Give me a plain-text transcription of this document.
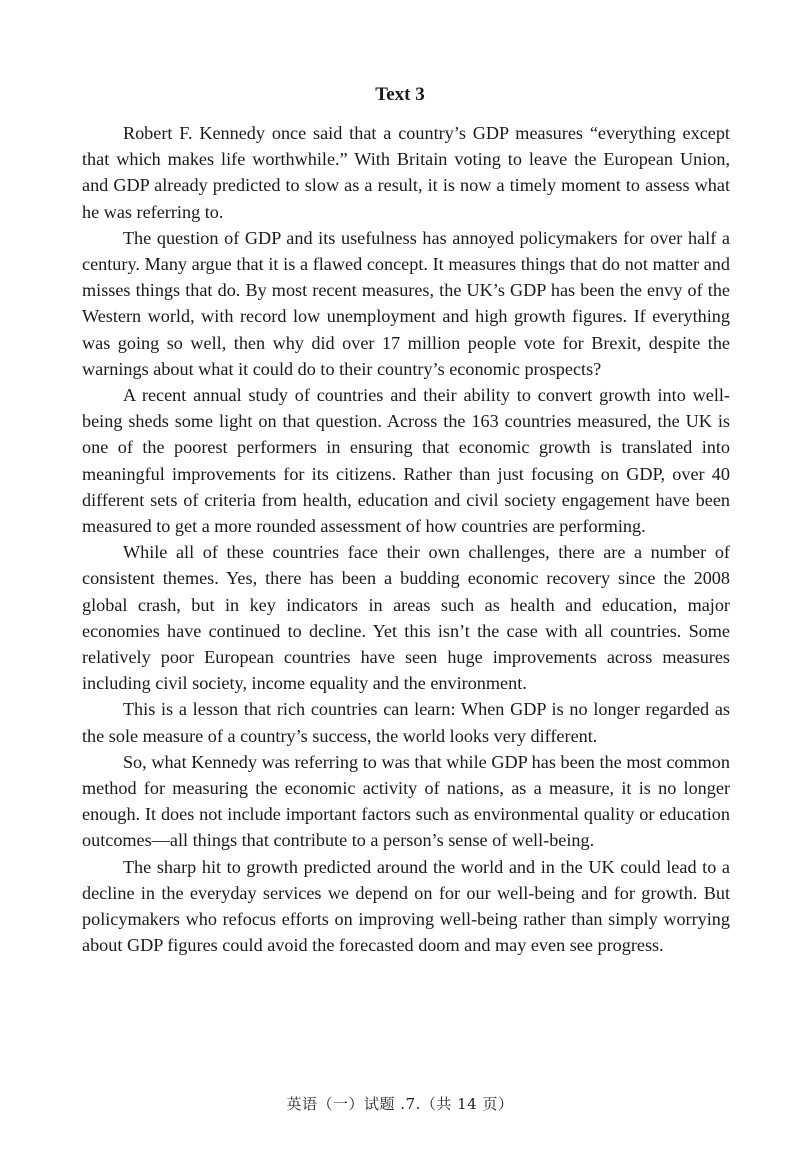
Text 3

Robert F. Kennedy once said that a country’s GDP measures “everything except that which makes life worthwhile.” With Britain voting to leave the European Union, and GDP already predicted to slow as a result, it is now a timely moment to assess what he was referring to.

The question of GDP and its usefulness has annoyed policymakers for over half a century. Many argue that it is a flawed concept. It measures things that do not matter and misses things that do. By most recent measures, the UK’s GDP has been the envy of the Western world, with record low unemployment and high growth figures. If everything was going so well, then why did over 17 million people vote for Brexit, despite the warnings about what it could do to their country’s economic prospects?

A recent annual study of countries and their ability to convert growth into well-being sheds some light on that question. Across the 163 countries measured, the UK is one of the poorest performers in ensuring that economic growth is translated into meaningful improvements for its citizens. Rather than just focusing on GDP, over 40 different sets of criteria from health, education and civil society engagement have been measured to get a more rounded assessment of how countries are performing.

While all of these countries face their own challenges, there are a number of consistent themes. Yes, there has been a budding economic recovery since the 2008 global crash, but in key indicators in areas such as health and education, major economies have continued to decline. Yet this isn’t the case with all countries. Some relatively poor European countries have seen huge improvements across measures including civil society, income equality and the environment.

This is a lesson that rich countries can learn: When GDP is no longer regarded as the sole measure of a country’s success, the world looks very different.

So, what Kennedy was referring to was that while GDP has been the most common method for measuring the economic activity of nations, as a measure, it is no longer enough. It does not include important factors such as environmental quality or education outcomes—all things that contribute to a person’s sense of well-being.

The sharp hit to growth predicted around the world and in the UK could lead to a decline in the everyday services we depend on for our well-being and for growth. But policymakers who refocus efforts on improving well-being rather than simply worrying about GDP figures could avoid the forecasted doom and may even see progress.

英语（一）试题 .7.（共 14 页）
